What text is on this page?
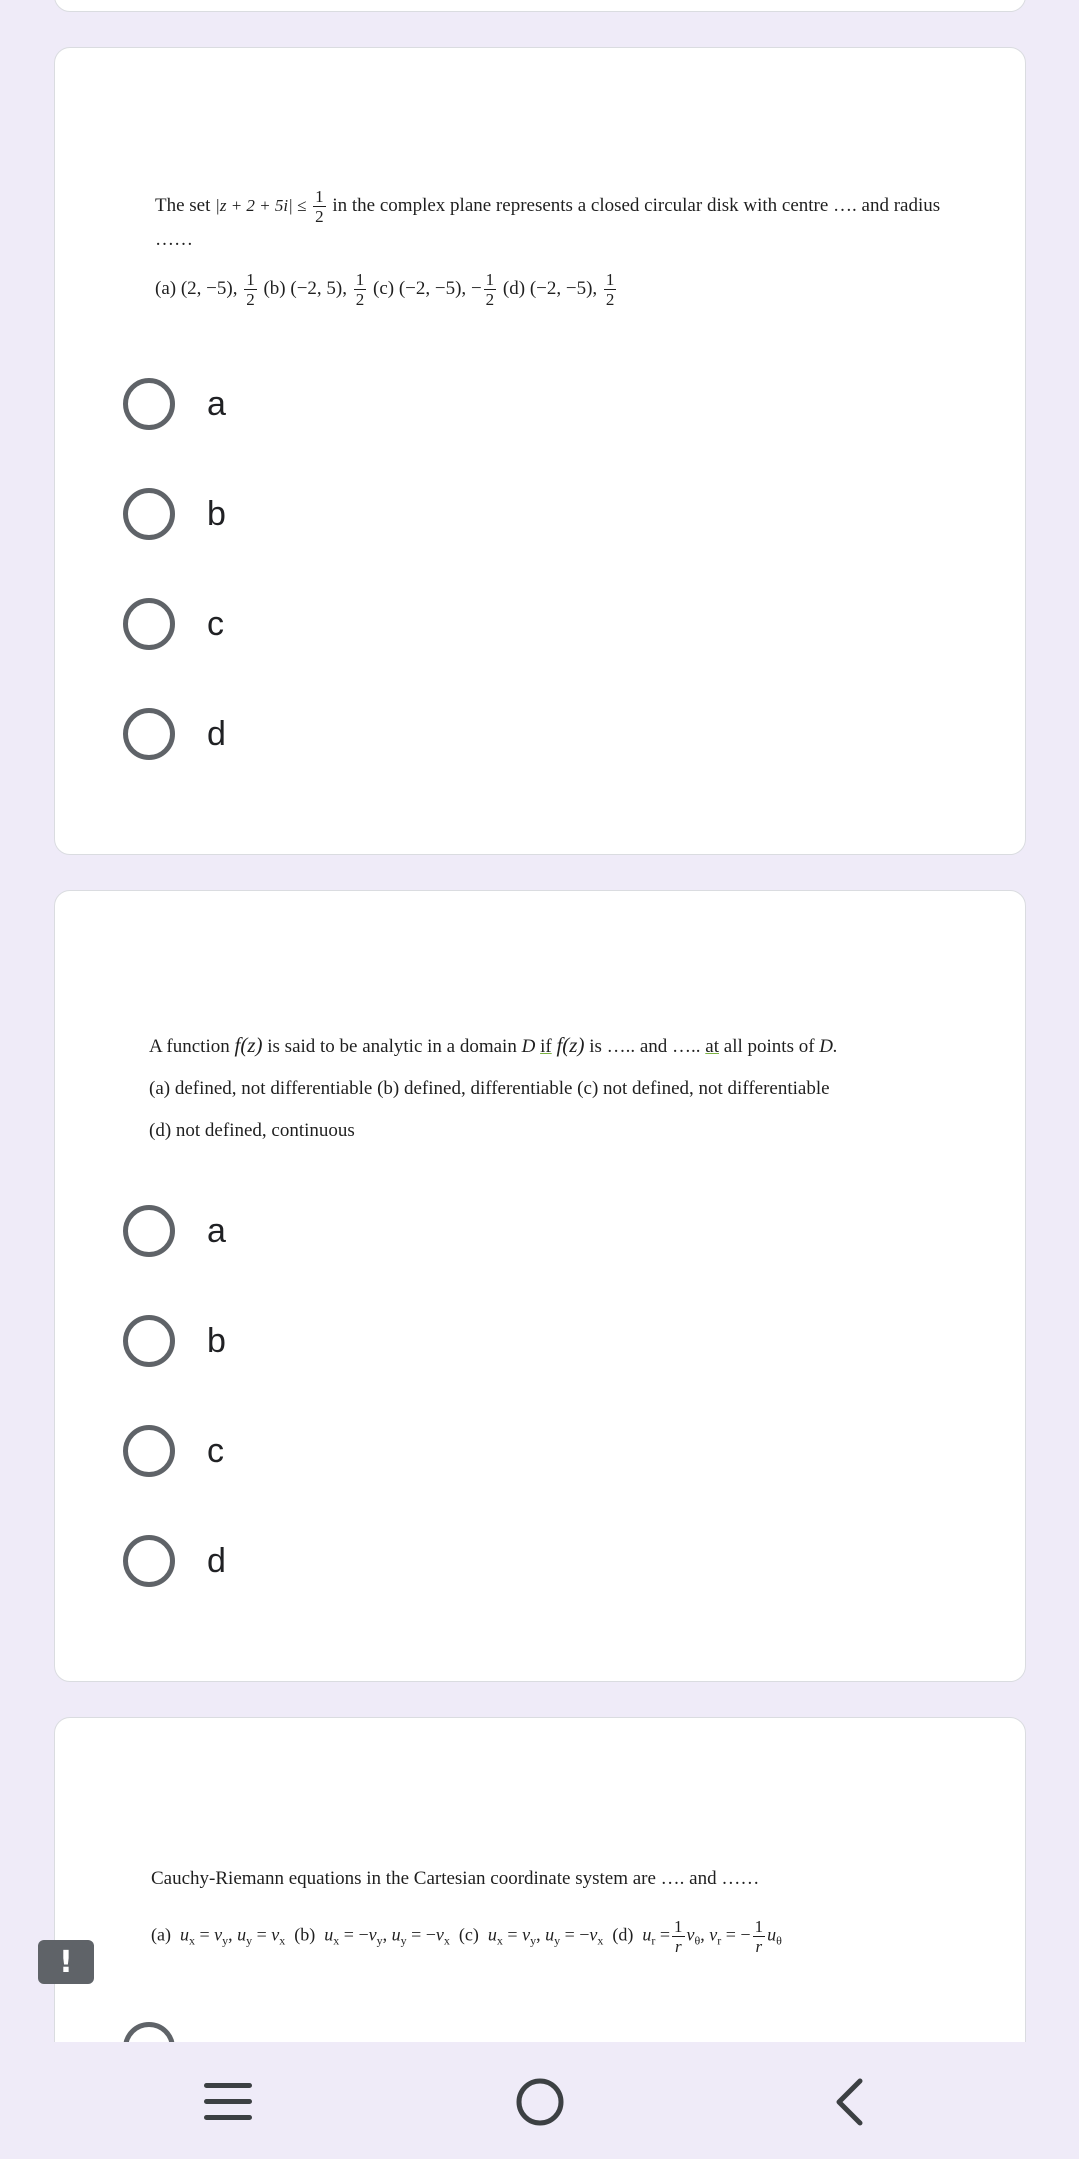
The set $|z + 2 + 5i| \le \frac{1}{2}$ in the complex plane represents a closed circular disk with centre …. and radius
……
(a) (2, −5), $\frac{1}{2} (b)$ (−2, 5), $\frac{1}{2} (c)$ (−2, −5), − $\frac{1}{2} (d)$ (−2, −5), $\frac{1}{2}$
a
b
c
d
A function f(z) is said to be analytic in a domain D if f(z) is ….. and ….. at all points of D.
(a) defined, not differentiable (b) defined, differentiable (c) not defined, not differentiable
(d) not defined, continuous
a
b
c
d
Cauchy-Riemann equations in the Cartesian coordinate system are …. and ……
(a) $u_x = v_y$, $u_y = v_x$ (b) $u_x = -v_y$, $u_y = -v_x$ (c) $u_x = v_y$, $u_y = -v_x$ (d) $u_r = \frac{1}{r} v_\theta$, $v_r$ = − $\frac{1}{r} u_\theta$
!
